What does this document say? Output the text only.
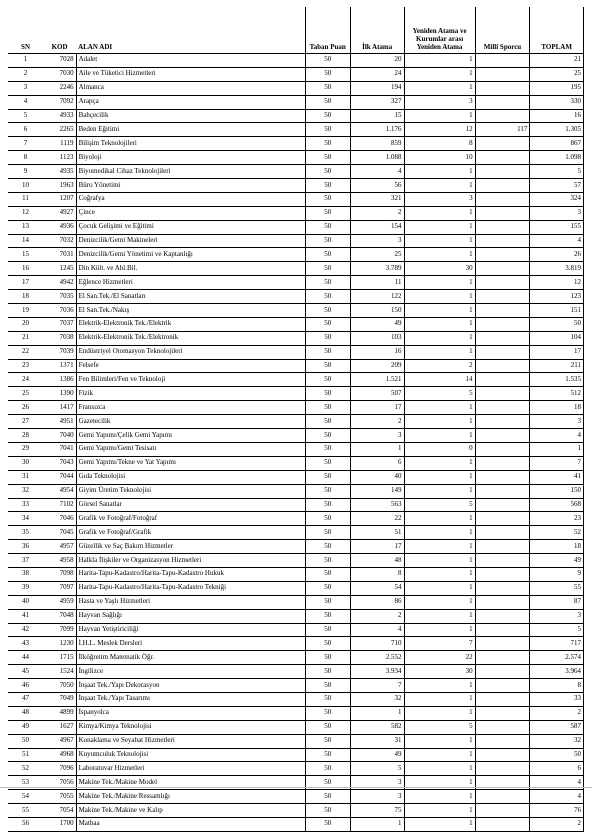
SN	KOD	ALAN ADI	Taban Puan	İlk Atama	Yeniden Atama ve Kurumlar arası Yeniden Atama	Milli Sporcu	TOPLAM
1	7028	Adalet	50	20	1		21
2	7030	Aile ve Tüketici Hizmetleri	50	24	1		25
3	2246	Almanca	50	194	1		195
4	7092	Arapça	50	327	3		330
5	4933	Bahçecilik	50	15	1		16
6	2265	Beden Eğitimi	50	1.176	12	117	1.305
7	1119	Bilişim Teknolojileri	50	859	8		867
8	1123	Biyoloji	50	1.088	10		1.098
9	4935	Biyomedikal Cihaz Teknolojileri	50	4	1		5
10	1963	Büro Yönetimi	50	56	1		57
11	1207	Coğrafya	50	321	3		324
12	4927	Çince	50	2	1		3
13	4936	Çocuk Gelişimi ve Eğitimi	50	154	1		155
14	7032	Denizcilik/Gemi Makineleri	50	3	1		4
15	7031	Denizcilik/Gemi Yönetimi ve Kaptanlığı	50	25	1		26
16	1245	Din Kült. ve Ahl.Bil.	50	3.789	30		3.819
17	4942	Eğlence Hizmetleri	50	11	1		12
18	7035	El San.Tek./El Sanatları	50	122	1		123
19	7036	El San.Tek./Nakış	50	150	1		151
20	7037	Elektrik-Elektronik Tek./Elektrik	50	49	1		50
21	7038	Elektrik-Elektronik Tek./Elektronik	50	103	1		104
22	7039	Endüstriyel Otomasyon Teknolojileri	50	16	1		17
23	1371	Felsefe	50	209	2		211
24	1386	Fen Bilimleri/Fen ve Teknoloji	50	1.521	14		1.535
25	1390	Fizik	50	507	5		512
26	1417	Fransızca	50	17	1		18
27	4951	Gazetecilik	50	2	1		3
28	7040	Gemi Yapımı/Çelik Gemi Yapımı	50	3	1		4
29	7041	Gemi Yapımı/Gemi Tesisatı	50	1	0		1
30	7043	Gemi Yapımı/Tekne ve Yat Yapımı	50	6	1		7
31	7044	Gıda Teknolojisi	50	40	1		41
32	4954	Giyim Üretim Teknolojisi	50	149	1		150
33	7102	Görsel Sanatlar	50	563	5		568
34	7046	Grafik ve Fotoğraf/Fotoğraf	50	22	1		23
35	7045	Grafik ve Fotoğraf/Grafik	50	51	1		52
36	4957	Güzellik ve Saç Bakım Hizmetler	50	17	1		18
37	4958	Halkla İlişkiler ve Organizasyon Hizmetleri	50	48	1		49
38	7098	Harita-Tapu-Kadastro/Harita-Tapu-Kadastro Hukuk	50	8	1		9
39	7097	Harita-Tapu-Kadastro/Harita-Tapu-Kadastro Tekniği	50	54	1		55
40	4959	Hasta ve Yaşlı Hizmetleri	50	86	1		87
41	7048	Hayvan Sağlığı	50	2	1		3
42	7099	Hayvan Yetiştiriciliği	50	4	1		5
43	1230	İ.H.L. Meslek Dersleri	50	710	7		717
44	1715	İlköğretim Matematik Öğr.	50	2.552	22		2.574
45	1524	İngilizce	50	3.934	30		3.964
46	7050	İnşaat Tek./Yapı Dekorasyon	50	7	1		8
47	7049	İnşaat Tek./Yapı Tasarımı	50	32	1		33
48	4899	İspanyolca	50	1	1		2
49	1627	Kimya/Kimya Teknolojisi	50	582	5		587
50	4967	Konaklama ve Seyahat Hizmetleri	50	31	1		32
51	4968	Kuyumculuk Teknolojisi	50	49	1		50
52	7096	Laboratuvar Hizmetleri	50	5	1		6
53	7056	Makine Tek./Makine Model	50	3	1		4
54	7055	Makine Tek./Makine Ressamlığı	50	3	1		4
55	7054	Makine Tek./Makine ve Kalıp	50	75	1		76
56	1700	Matbaa	50	1	1		2
